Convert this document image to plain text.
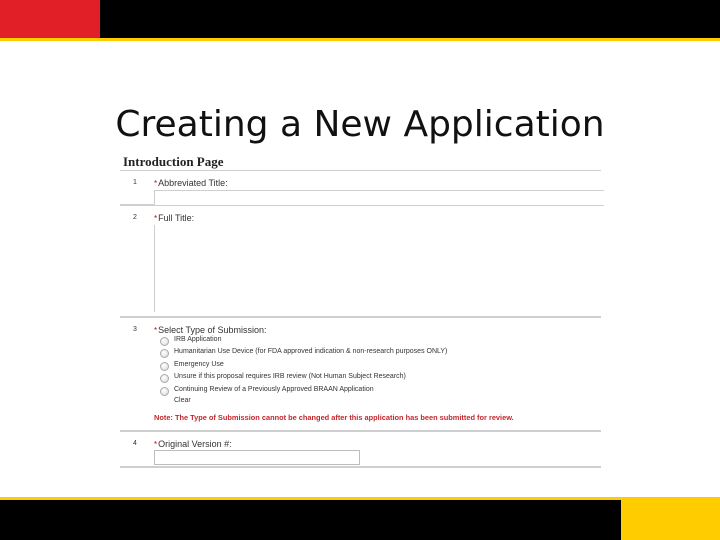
Creating a New Application
Introduction Page
1 *Abbreviated Title:
2 *Full Title:
3 *Select Type of Submission:
IRB Application
Humanitarian Use Device (for FDA approved indication & non-research purposes ONLY)
Emergency Use
Unsure if this proposal requires IRB review (Not Human Subject Research)
Continuing Review of a Previously Approved BRAAN Application
Clear
Note: The Type of Submission cannot be changed after this application has been submitted for review.
4 *Original Version #:
